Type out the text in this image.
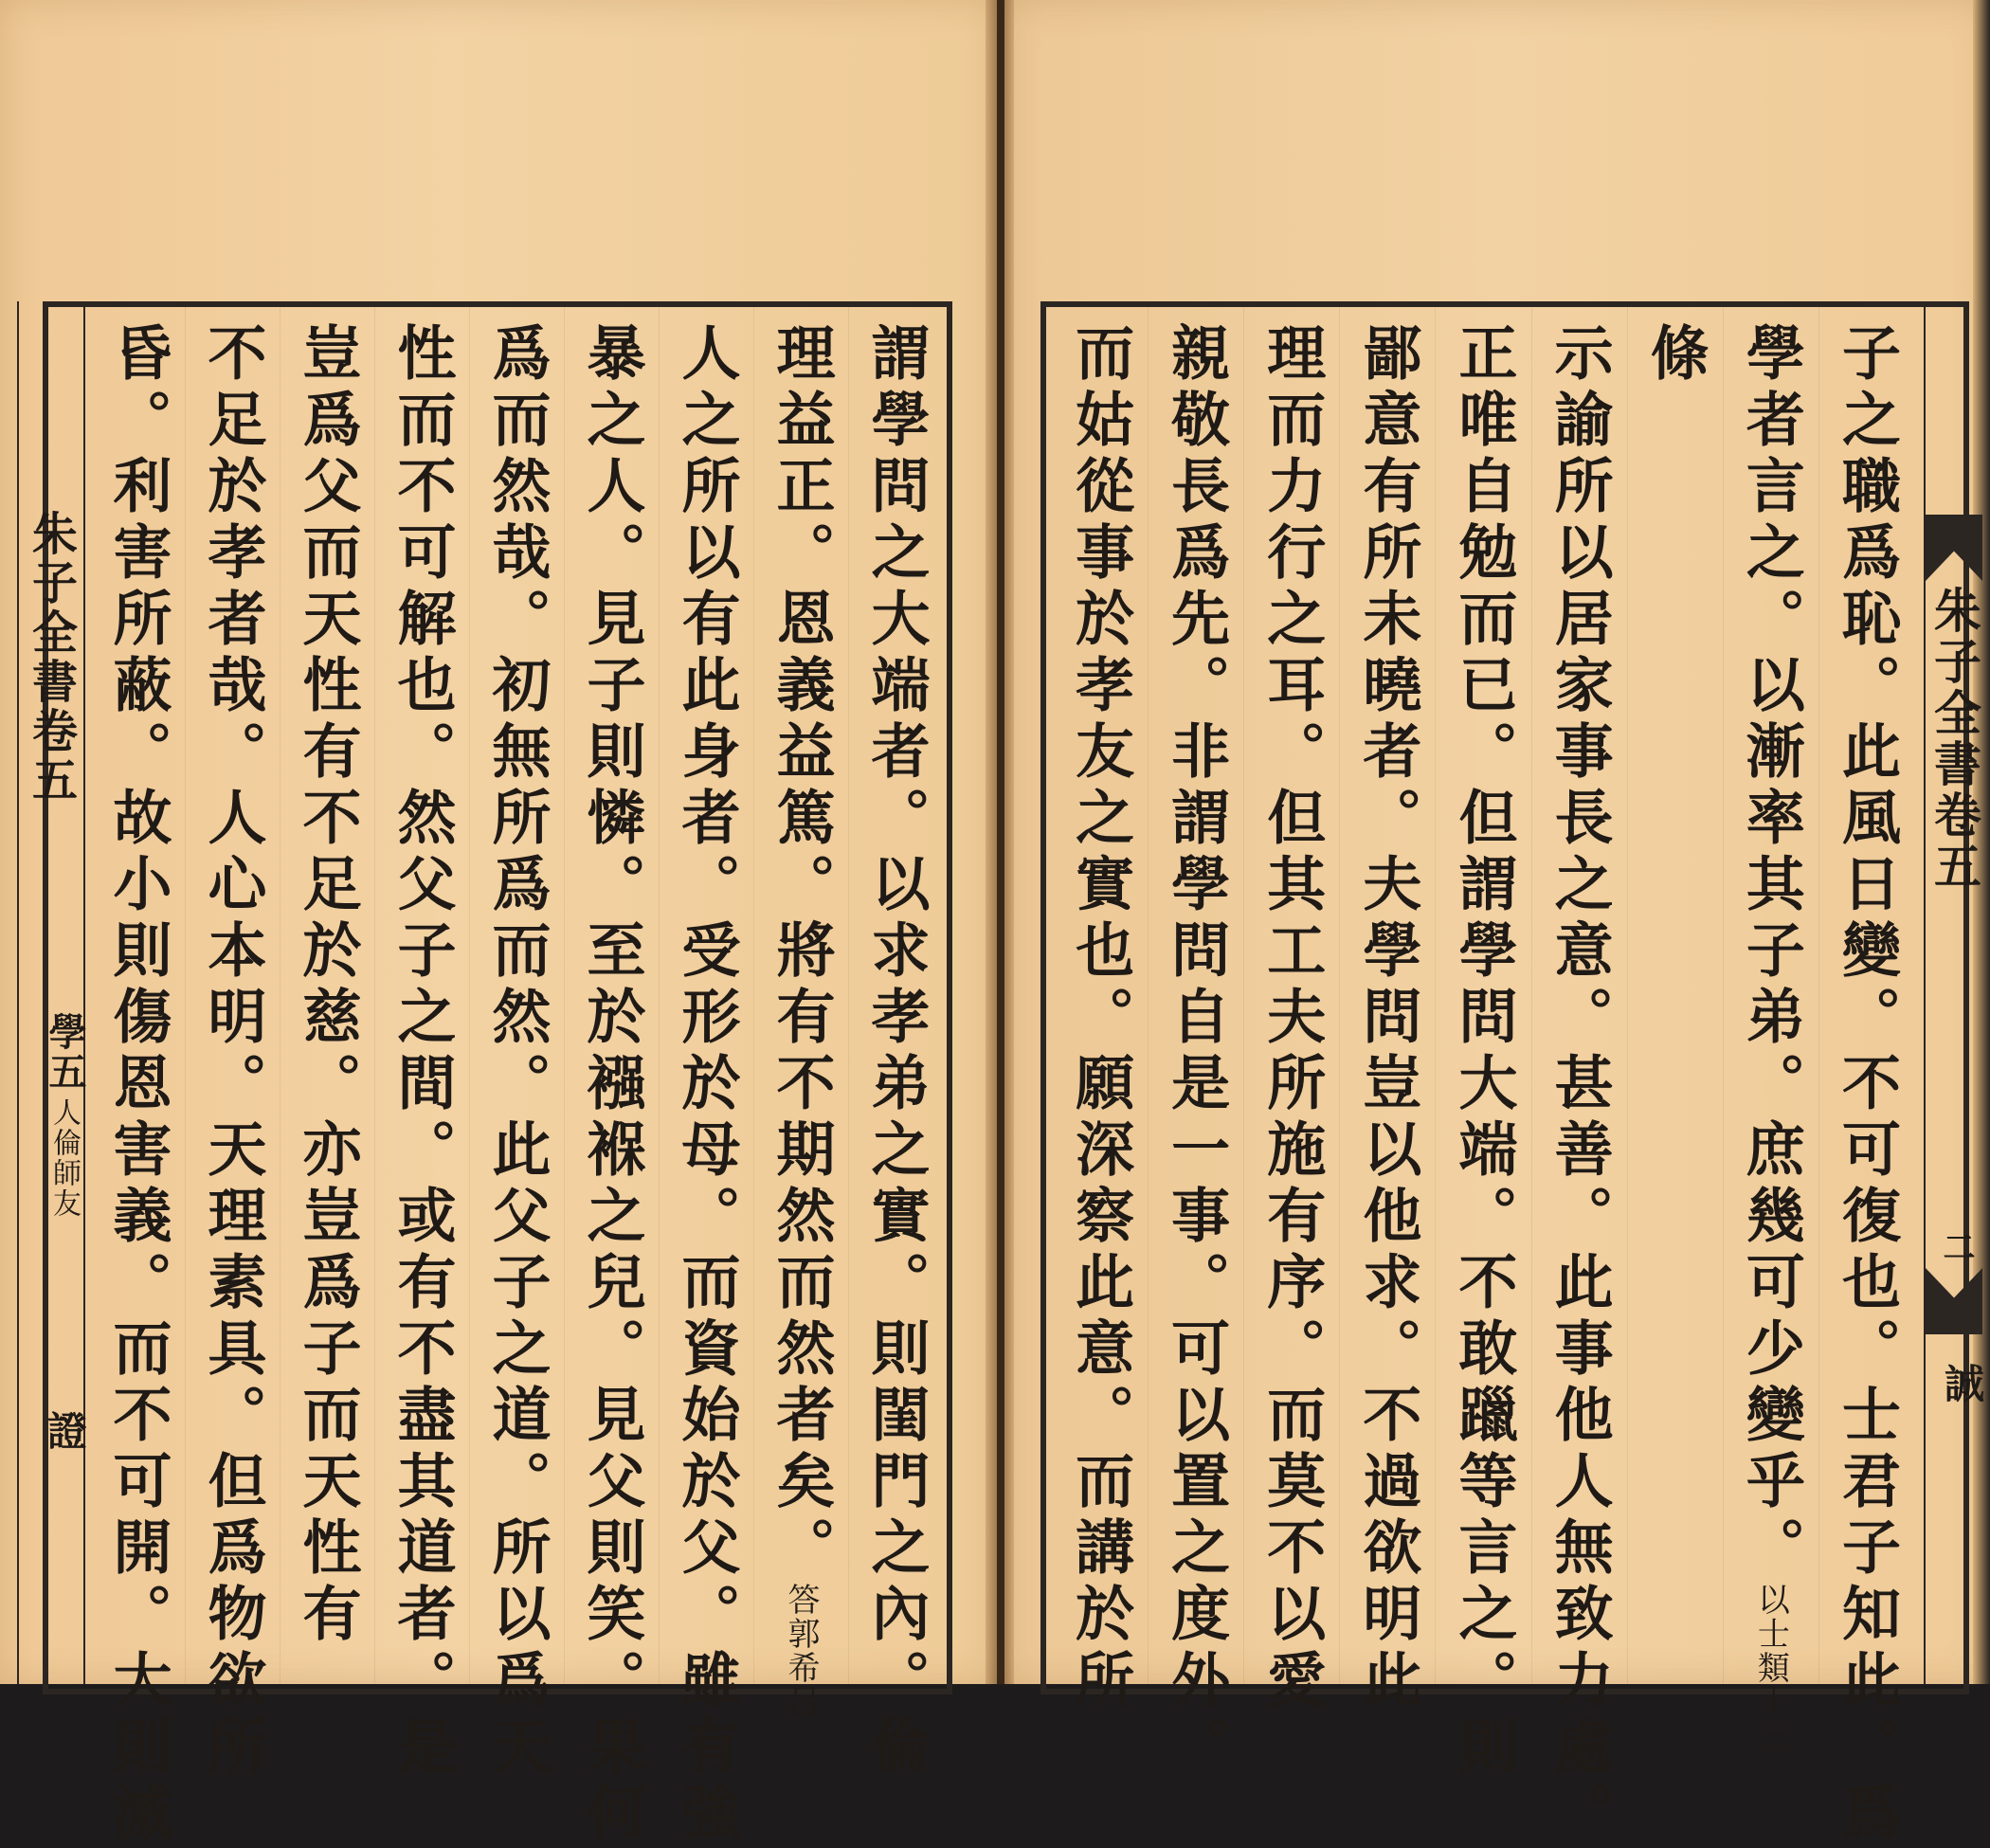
朱子全書卷五
學五
人倫師友
證	謂學問之大端者。以求孝弟之實。則閨門之內。倫
理益正。恩義益篤。將有不期然而然者矣。答郭希呂
人之所以有此身者。受形於母。而資始於父。雖有強
暴之人。見子則憐。至於襁褓之兒。見父則笑。果何
爲而然哉。初無所爲而然。此父子之道。所以爲天
性而不可解也。然父子之間。或有不盡其道者。是
豈爲父而天性有不足於慈。亦豈爲子而天性有
不足於孝者哉。人心本明。天理素具。但爲物欲所
昏。利害所蔽。故小則傷恩害義。而不可開。大則滅	朱子全書卷五
誠
二
子之職爲恥。此風日變。不可復也。士君子知此。爲
學者言之。以漸率其子弟。庶幾可少變乎。以士類十三
條
示諭所以居家事長之意。甚善。此事他人無致力處。
正唯自勉而已。但謂學問大端。不敢躐等言之。則
鄙意有所未曉者。夫學問豈以他求。不過欲明此
理而力行之耳。但其工夫所施有序。而莫不以愛
親敬長爲先。非謂學問自是一事。可以置之度外。
而姑從事於孝友之實也。願深察此意。而講於所
